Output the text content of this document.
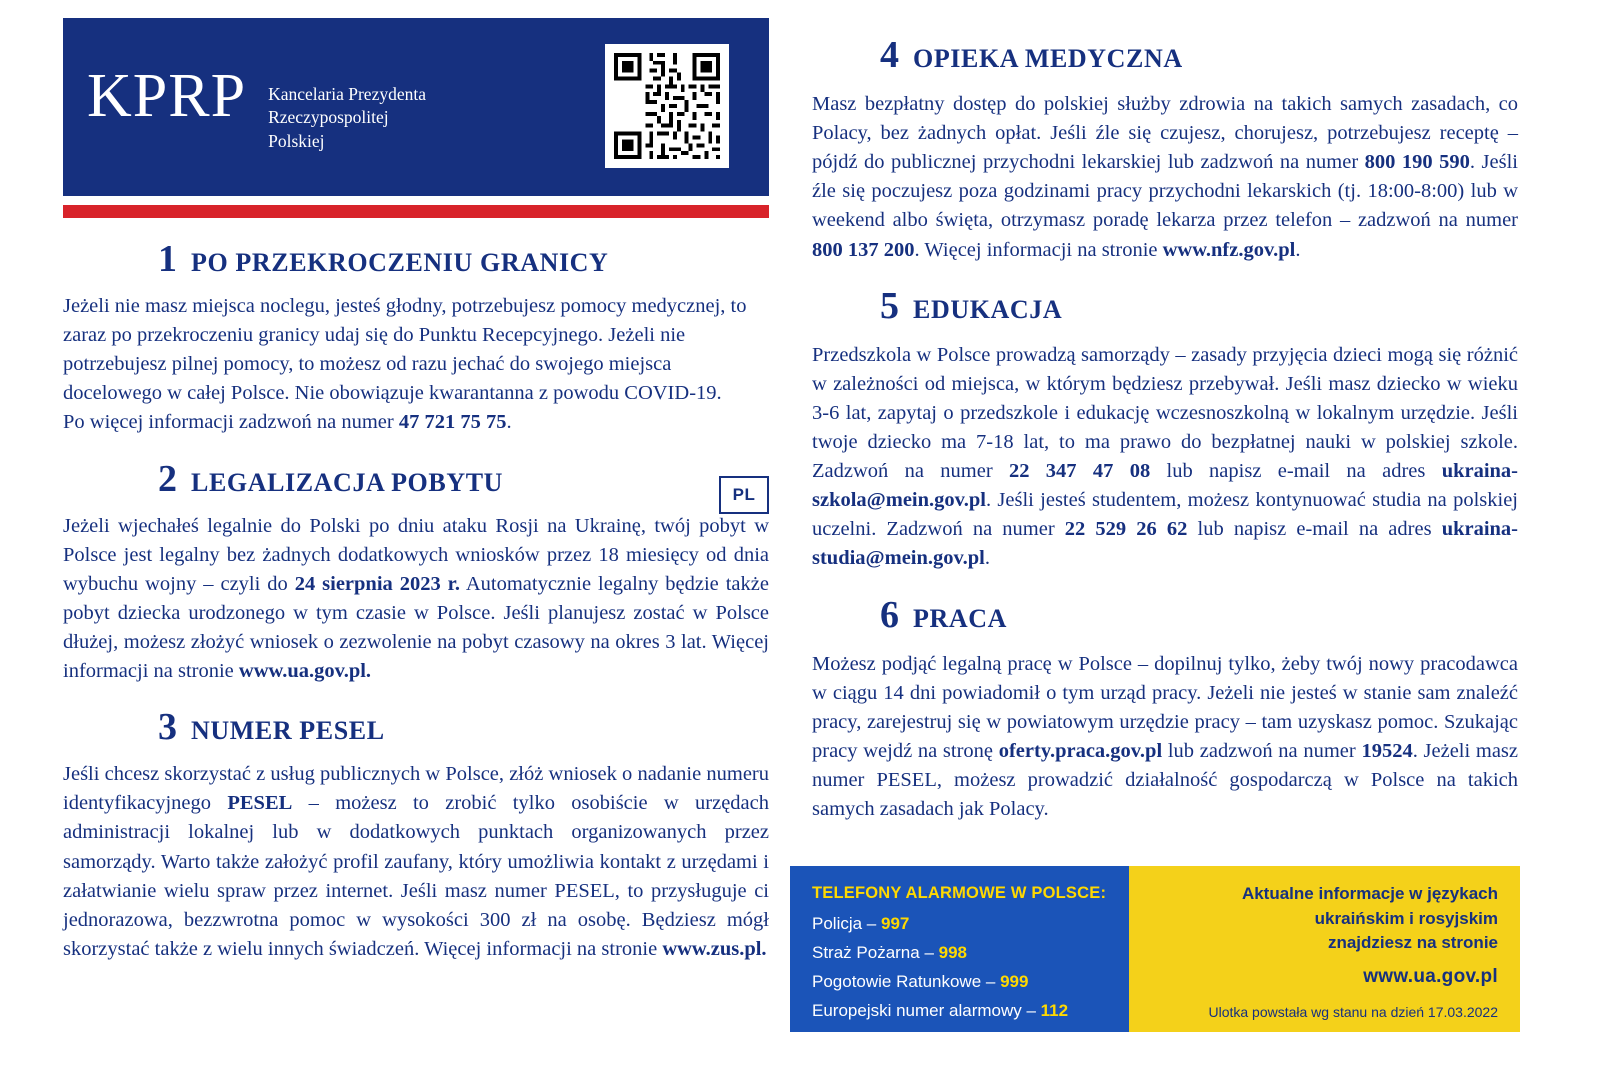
KPRP Kancelaria Prezydenta
Rzeczypospolitej
Polskiej
PL
1 PO PRZEKROCZENIU GRANICY
Jeżeli nie masz miejsca noclegu, jesteś głodny, potrzebujesz pomocy medycznej, to zaraz po przekroczeniu granicy udaj się do Punktu Recepcyjnego. Jeżeli nie potrzebujesz pilnej pomocy, to możesz od razu jechać do swojego miejsca docelowego w całej Polsce. Nie obowiązuje kwarantanna z powodu COVID-19.
Po więcej informacji zadzwoń na numer 47 721 75 75.
2 LEGALIZACJA POBYTU
Jeżeli wjechałeś legalnie do Polski po dniu ataku Rosji na Ukrainę, twój pobyt w Polsce jest legalny bez żadnych dodatkowych wniosków przez 18 miesięcy od dnia wybuchu wojny – czyli do 24 sierpnia 2023 r. Automatycznie legalny będzie także pobyt dziecka urodzonego w tym czasie w Polsce. Jeśli planujesz zostać w Polsce dłużej, możesz złożyć wniosek o zezwolenie na pobyt czasowy na okres 3 lat. Więcej informacji na stronie www.ua.gov.pl.
3 NUMER PESEL
Jeśli chcesz skorzystać z usług publicznych w Polsce, złóż wniosek o nadanie numeru identyfikacyjnego PESEL – możesz to zrobić tylko osobiście w urzędach administracji lokalnej lub w dodatkowych punktach organizowanych przez samorządy. Warto także założyć profil zaufany, który umożliwia kontakt z urzędami i załatwianie wielu spraw przez internet. Jeśli masz numer PESEL, to przysługuje ci jednorazowa, bezzwrotna pomoc w wysokości 300 zł na osobę. Będziesz mógł skorzystać także z wielu innych świadczeń. Więcej informacji na stronie www.zus.pl.
4 OPIEKA MEDYCZNA
Masz bezpłatny dostęp do polskiej służby zdrowia na takich samych zasadach, co Polacy, bez żadnych opłat. Jeśli źle się czujesz, chorujesz, potrzebujesz receptę – pójdź do publicznej przychodni lekarskiej lub zadzwoń na numer 800 190 590. Jeśli źle się poczujesz poza godzinami pracy przychodni lekarskich (tj. 18:00-8:00) lub w weekend albo święta, otrzymasz poradę lekarza przez telefon – zadzwoń na numer 800 137 200. Więcej informacji na stronie www.nfz.gov.pl.
5 EDUKACJA
Przedszkola w Polsce prowadzą samorządy – zasady przyjęcia dzieci mogą się różnić w zależności od miejsca, w którym będziesz przebywał. Jeśli masz dziecko w wieku 3-6 lat, zapytaj o przedszkole i edukację wczesnoszkolną w lokalnym urzędzie. Jeśli twoje dziecko ma 7-18 lat, to ma prawo do bezpłatnej nauki w polskiej szkole. Zadzwoń na numer 22 347 47 08 lub napisz e-mail na adres ukraina-szkola@mein.gov.pl. Jeśli jesteś studentem, możesz kontynuować studia na polskiej uczelni. Zadzwoń na numer 22 529 26 62 lub napisz e-mail na adres ukraina-studia@mein.gov.pl.
6 PRACA
Możesz podjąć legalną pracę w Polsce – dopilnuj tylko, żeby twój nowy pracodawca w ciągu 14 dni powiadomił o tym urząd pracy. Jeżeli nie jesteś w stanie sam znaleźć pracy, zarejestruj się w powiatowym urzędzie pracy – tam uzyskasz pomoc. Szukając pracy wejdź na stronę oferty.praca.gov.pl lub zadzwoń na numer 19524. Jeżeli masz numer PESEL, możesz prowadzić działalność gospodarczą w Polsce na takich samych zasadach jak Polacy.
TELEFONY ALARMOWE W POLSCE:
Policja – 997
Straż Pożarna – 998
Pogotowie Ratunkowe – 999
Europejski numer alarmowy – 112
Aktualne informacje w językach
ukraińskim i rosyjskim
znajdziesz na stronie
www.ua.gov.pl
Ulotka powstała wg stanu na dzień 17.03.2022
